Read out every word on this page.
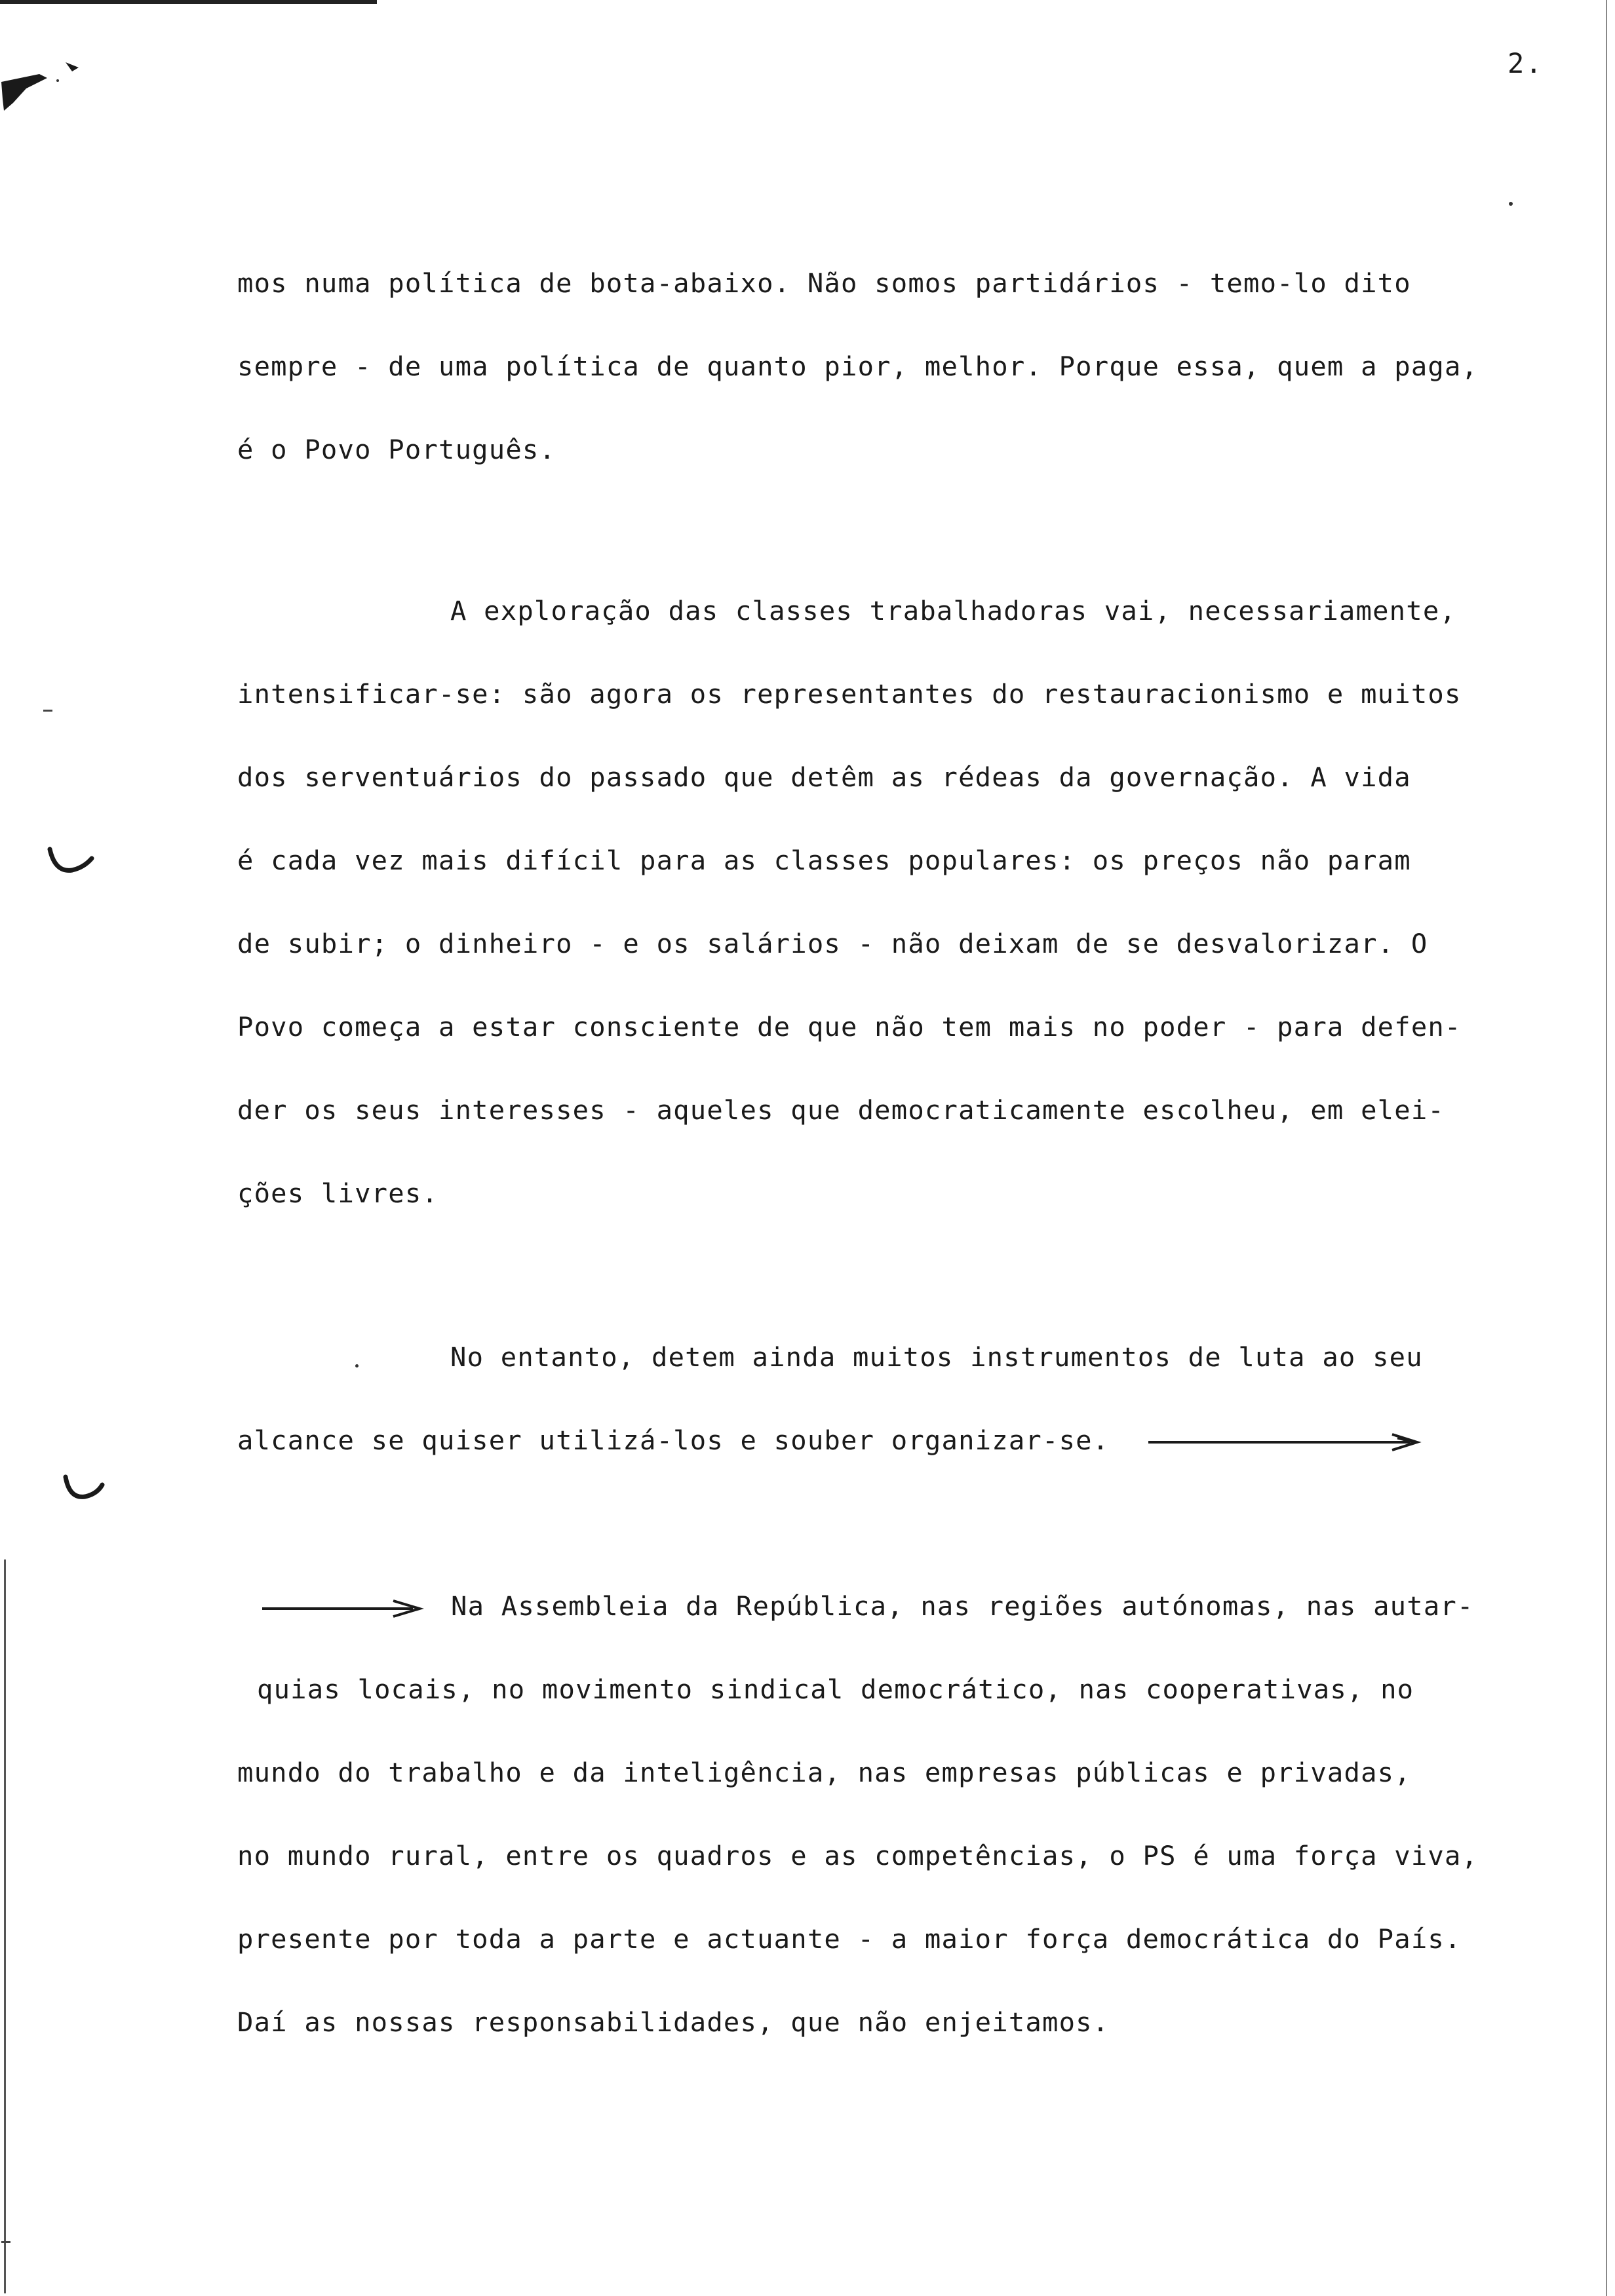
2.
mos numa política de bota-abaixo. Não somos partidários - temo-lo dito
sempre - de uma política de quanto pior, melhor. Porque essa, quem a paga,
é o Povo Português.
A exploração das classes trabalhadoras vai, necessariamente,
intensificar-se: são agora os representantes do restauracionismo e muitos
dos serventuários do passado que detêm as rédeas da governação. A vida
é cada vez mais difícil para as classes populares: os preços não param
de subir; o dinheiro - e os salários - não deixam de se desvalorizar. O
Povo começa a estar consciente de que não tem mais no poder - para defen-
der os seus interesses - aqueles que democraticamente escolheu, em elei-
ções livres.
No entanto, detem ainda muitos instrumentos de luta ao seu
alcance se quiser utilizá-los e souber organizar-se.
Na Assembleia da República, nas regiões autónomas, nas autar-
quias locais, no movimento sindical democrático, nas cooperativas, no
mundo do trabalho e da inteligência, nas empresas públicas e privadas,
no mundo rural, entre os quadros e as competências, o PS é uma força viva,
presente por toda a parte e actuante - a maior força democrática do País.
Daí as nossas responsabilidades, que não enjeitamos.
